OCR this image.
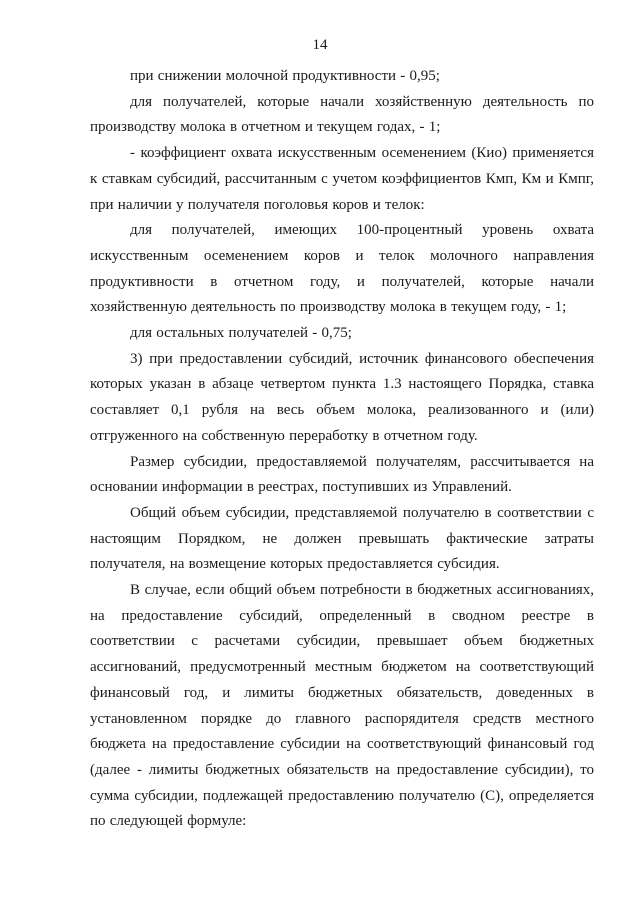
14

при снижении молочной продуктивности - 0,95;

для получателей, которые начали хозяйственную деятельность по производству молока в отчетном и текущем годах, - 1;

- коэффициент охвата искусственным осеменением (Кио) применяется к ставкам субсидий, рассчитанным с учетом коэффициентов Кмп, Км и Кмпг, при наличии у получателя поголовья коров и телок:

для получателей, имеющих 100-процентный уровень охвата искусственным осеменением коров и телок молочного направления продуктивности в отчетном году, и получателей, которые начали хозяйственную деятельность по производству молока в текущем году, - 1;

для остальных получателей - 0,75;

3) при предоставлении субсидий, источник финансового обеспечения которых указан в абзаце четвертом пункта 1.3 настоящего Порядка, ставка составляет 0,1 рубля на весь объем молока, реализованного и (или) отгруженного на собственную переработку в отчетном году.

Размер субсидии, предоставляемой получателям, рассчитывается на основании информации в реестрах, поступивших из Управлений.

Общий объем субсидии, представляемой получателю в соответствии с настоящим Порядком, не должен превышать фактические затраты получателя, на возмещение которых предоставляется субсидия.

В случае, если общий объем потребности в бюджетных ассигнованиях, на предоставление субсидий, определенный в сводном реестре в соответствии с расчетами субсидии, превышает объем бюджетных ассигнований, предусмотренный местным бюджетом на соответствующий финансовый год, и лимиты бюджетных обязательств, доведенных в установленном порядке до главного распорядителя средств местного бюджета на предоставление субсидии на соответствующий финансовый год (далее - лимиты бюджетных обязательств на предоставление субсидии), то сумма субсидии, подлежащей предоставлению получателю (С), определяется по следующей формуле:
